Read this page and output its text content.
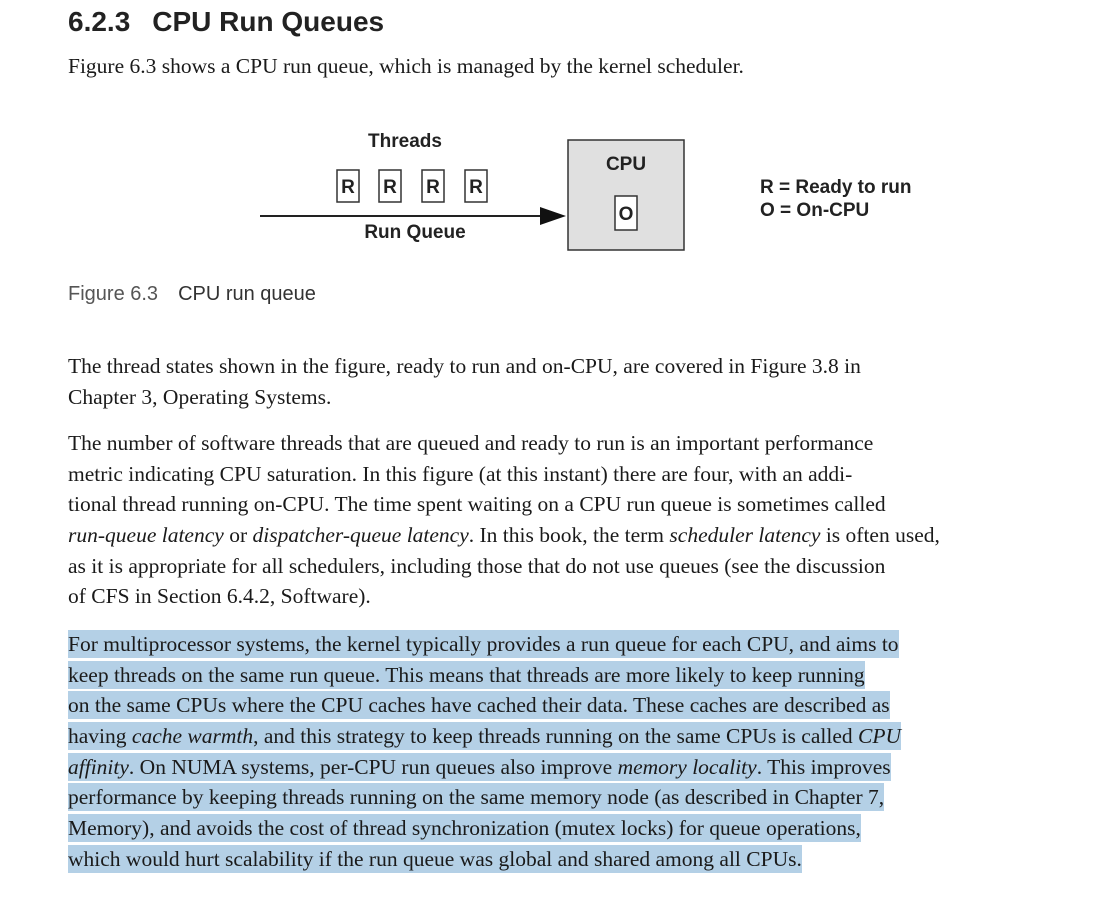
6.2.3 CPU Run Queues
Figure 6.3 shows a CPU run queue, which is managed by the kernel scheduler.
Threads
R R R R
Run Queue
CPU
O
R = Ready to run
O = On-CPU
Figure 6.3 CPU run queue
The thread states shown in the figure, ready to run and on-CPU, are covered in Figure 3.8 in
Chapter 3, Operating Systems.
The number of software threads that are queued and ready to run is an important performance
metric indicating CPU saturation. In this figure (at this instant) there are four, with an addi-
tional thread running on-CPU. The time spent waiting on a CPU run queue is sometimes called
run-queue latency or dispatcher-queue latency. In this book, the term scheduler latency is often used,
as it is appropriate for all schedulers, including those that do not use queues (see the discussion
of CFS in Section 6.4.2, Software).
For multiprocessor systems, the kernel typically provides a run queue for each CPU, and aims to
keep threads on the same run queue. This means that threads are more likely to keep running
on the same CPUs where the CPU caches have cached their data. These caches are described as
having cache warmth, and this strategy to keep threads running on the same CPUs is called CPU
affinity. On NUMA systems, per-CPU run queues also improve memory locality. This improves
performance by keeping threads running on the same memory node (as described in Chapter 7,
Memory), and avoids the cost of thread synchronization (mutex locks) for queue operations,
which would hurt scalability if the run queue was global and shared among all CPUs.
